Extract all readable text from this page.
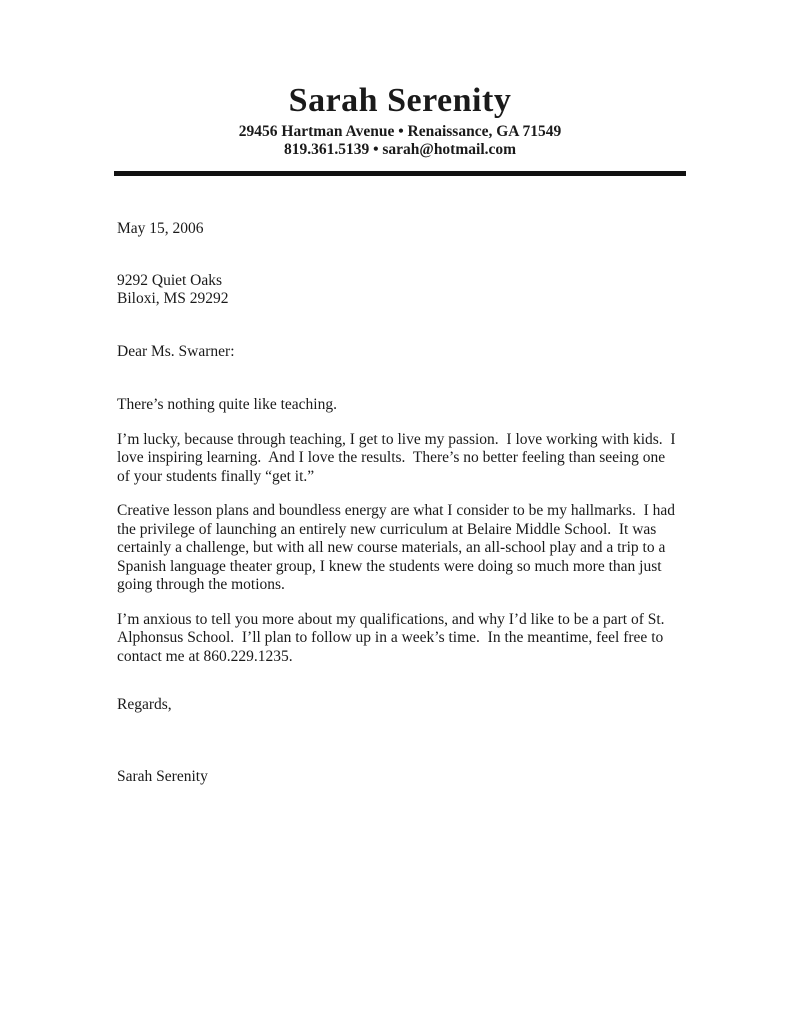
Sarah Serenity
29456 Hartman Avenue • Renaissance, GA 71549
819.361.5139 • sarah@hotmail.com

May 15, 2006

9292 Quiet Oaks

Biloxi, MS 29292

Dear Ms. Swarner:

There’s nothing quite like teaching.

I’m lucky, because through teaching, I get to live my passion.  I love working with kids.  I love inspiring learning.  And I love the results.  There’s no better feeling than seeing one of your students finally “get it.”

Creative lesson plans and boundless energy are what I consider to be my hallmarks.  I had the privilege of launching an entirely new curriculum at Belaire Middle School.  It was certainly a challenge, but with all new course materials, an all-school play and a trip to a Spanish language theater group, I knew the students were doing so much more than just going through the motions.

I’m anxious to tell you more about my qualifications, and why I’d like to be a part of St. Alphonsus School.  I’ll plan to follow up in a week’s time.  In the meantime, feel free to contact me at 860.229.1235.

Regards,

Sarah Serenity
